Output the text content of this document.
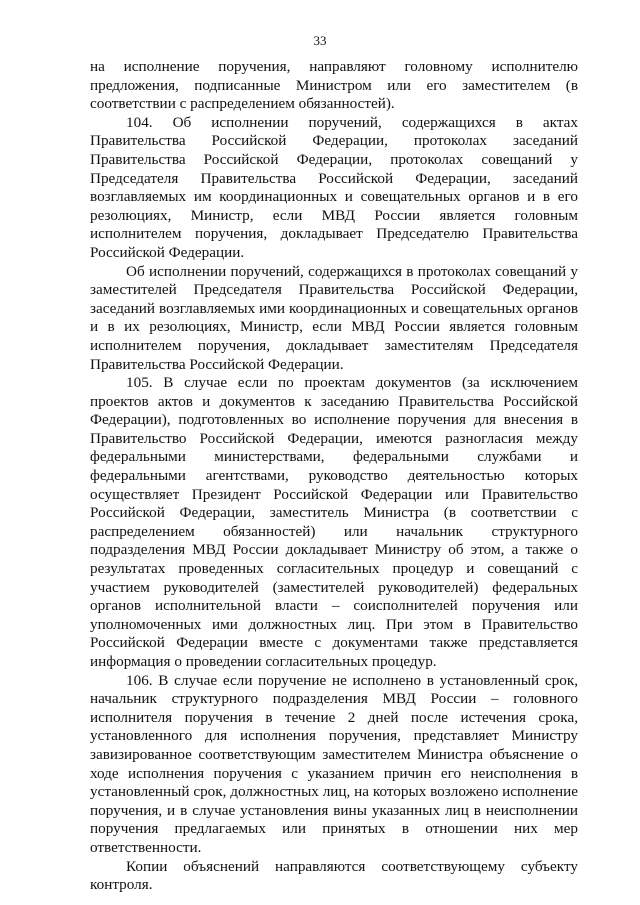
33

на исполнение поручения, направляют головному исполнителю предложения, подписанные Министром или его заместителем (в соответствии с распределением обязанностей).

104. Об исполнении поручений, содержащихся в актах Правительства Российской Федерации, протоколах заседаний Правительства Российской Федерации, протоколах совещаний у Председателя Правительства Российской Федерации, заседаний возглавляемых им координационных и совещательных органов и в его резолюциях, Министр, если МВД России является головным исполнителем поручения, докладывает Председателю Правительства Российской Федерации.

Об исполнении поручений, содержащихся в протоколах совещаний у заместителей Председателя Правительства Российской Федерации, заседаний возглавляемых ими координационных и совещательных органов и в их резолюциях, Министр, если МВД России является головным исполнителем поручения, докладывает заместителям Председателя Правительства Российской Федерации.

105. В случае если по проектам документов (за исключением проектов актов и документов к заседанию Правительства Российской Федерации), подготовленных во исполнение поручения для внесения в Правительство Российской Федерации, имеются разногласия между федеральными министерствами, федеральными службами и федеральными агентствами, руководство деятельностью которых осуществляет Президент Российской Федерации или Правительство Российской Федерации, заместитель Министра (в соответствии с распределением обязанностей) или начальник структурного подразделения МВД России докладывает Министру об этом, а также о результатах проведенных согласительных процедур и совещаний с участием руководителей (заместителей руководителей) федеральных органов исполнительной власти – соисполнителей поручения или уполномоченных ими должностных лиц. При этом в Правительство Российской Федерации вместе с документами также представляется информация о проведении согласительных процедур.

106. В случае если поручение не исполнено в установленный срок, начальник структурного подразделения МВД России – головного исполнителя поручения в течение 2 дней после истечения срока, установленного для исполнения поручения, представляет Министру завизированное соответствующим заместителем Министра объяснение о ходе исполнения поручения с указанием причин его неисполнения в установленный срок, должностных лиц, на которых возложено исполнение поручения, и в случае установления вины указанных лиц в неисполнении поручения предлагаемых или принятых в отношении них мер ответственности.

Копии объяснений направляются соответствующему субъекту контроля.
